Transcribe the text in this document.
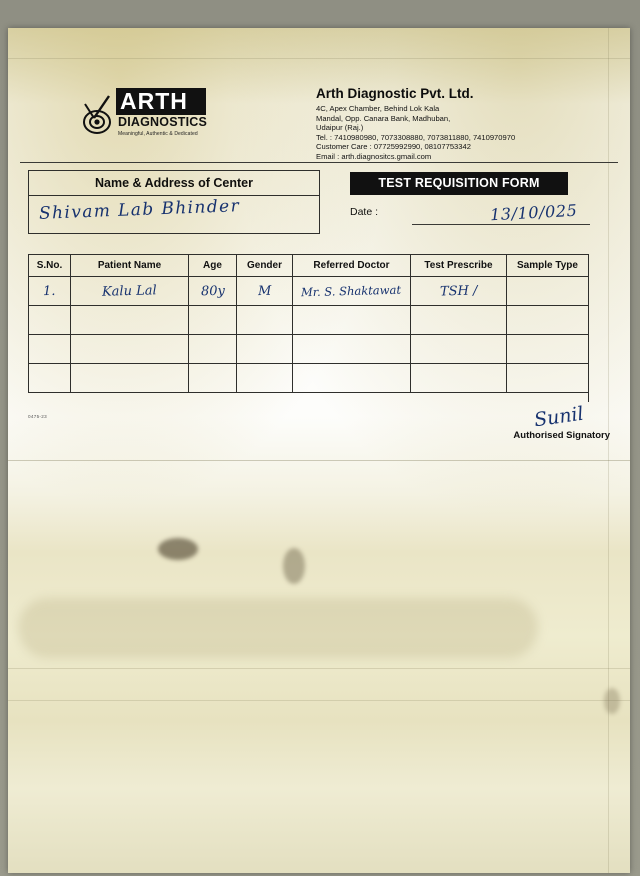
ARTH
DIAGNOSTICS
Meaningful, Authentic & Dedicated
Arth Diagnostic Pvt. Ltd.
4C, Apex Chamber, Behind Lok Kala
Mandal, Opp. Canara Bank, Madhuban,
Udaipur (Raj.)
Tel. : 7410980980, 7073308880, 7073811880, 7410970970
Customer Care : 07725992990, 08107753342
Email : arth.diagnositcs.gmail.com
Name & Address of Center
Shivam Lab Bhinder
TEST REQUISITION FORM
Date :	13/10/025
S.No.	Patient Name	Age	Gender	Referred Doctor	Test Prescribe	Sample Type
1.	Kalu Lal	80y	M	Mr. S. Shaktawat	TSH /	

Sunil
Authorised Signatory
0475-23
